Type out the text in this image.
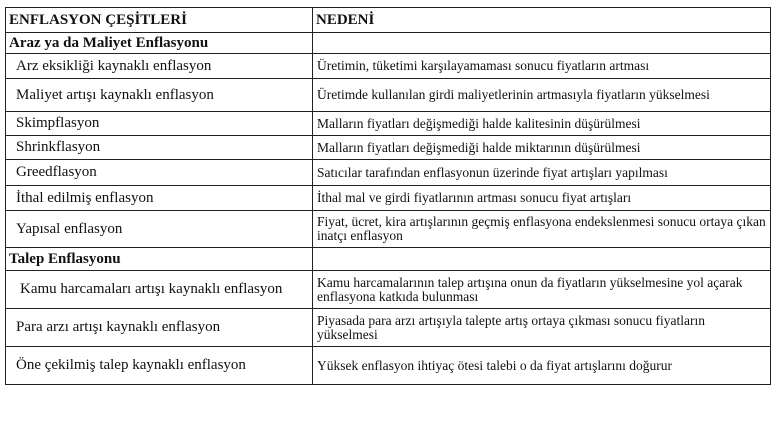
ENFLASYON ÇEŞİTLERİ	NEDENİ
Araz ya da Maliyet Enflasyonu	
Arz eksikliği kaynaklı enflasyon	Üretimin, tüketimi karşılayamaması sonucu fiyatların artması
Maliyet artışı kaynaklı enflasyon	Üretimde kullanılan girdi maliyetlerinin artmasıyla fiyatların yükselmesi
Skimpflasyon	Malların fiyatları değişmediği halde kalitesinin düşürülmesi
Shrinkflasyon	Malların fiyatları değişmediği halde miktarının düşürülmesi
Greedflasyon	Satıcılar tarafından enflasyonun üzerinde fiyat artışları yapılması
İthal edilmiş enflasyon	İthal mal ve girdi fiyatlarının artması sonucu fiyat artışları
Yapısal enflasyon	Fiyat, ücret, kira artışlarının geçmiş enflasyona endekslenmesi sonucu ortaya çıkan inatçı enflasyon
Talep Enflasyonu	
Kamu harcamaları artışı kaynaklı enflasyon	Kamu harcamalarının talep artışına onun da fiyatların yükselmesine yol açarak enflasyona katkıda bulunması
Para arzı artışı kaynaklı enflasyon	Piyasada para arzı artışıyla talepte artış ortaya çıkması sonucu fiyatların yükselmesi
Öne çekilmiş talep kaynaklı enflasyon	Yüksek enflasyon ihtiyaç ötesi talebi o da fiyat artışlarını doğurur
